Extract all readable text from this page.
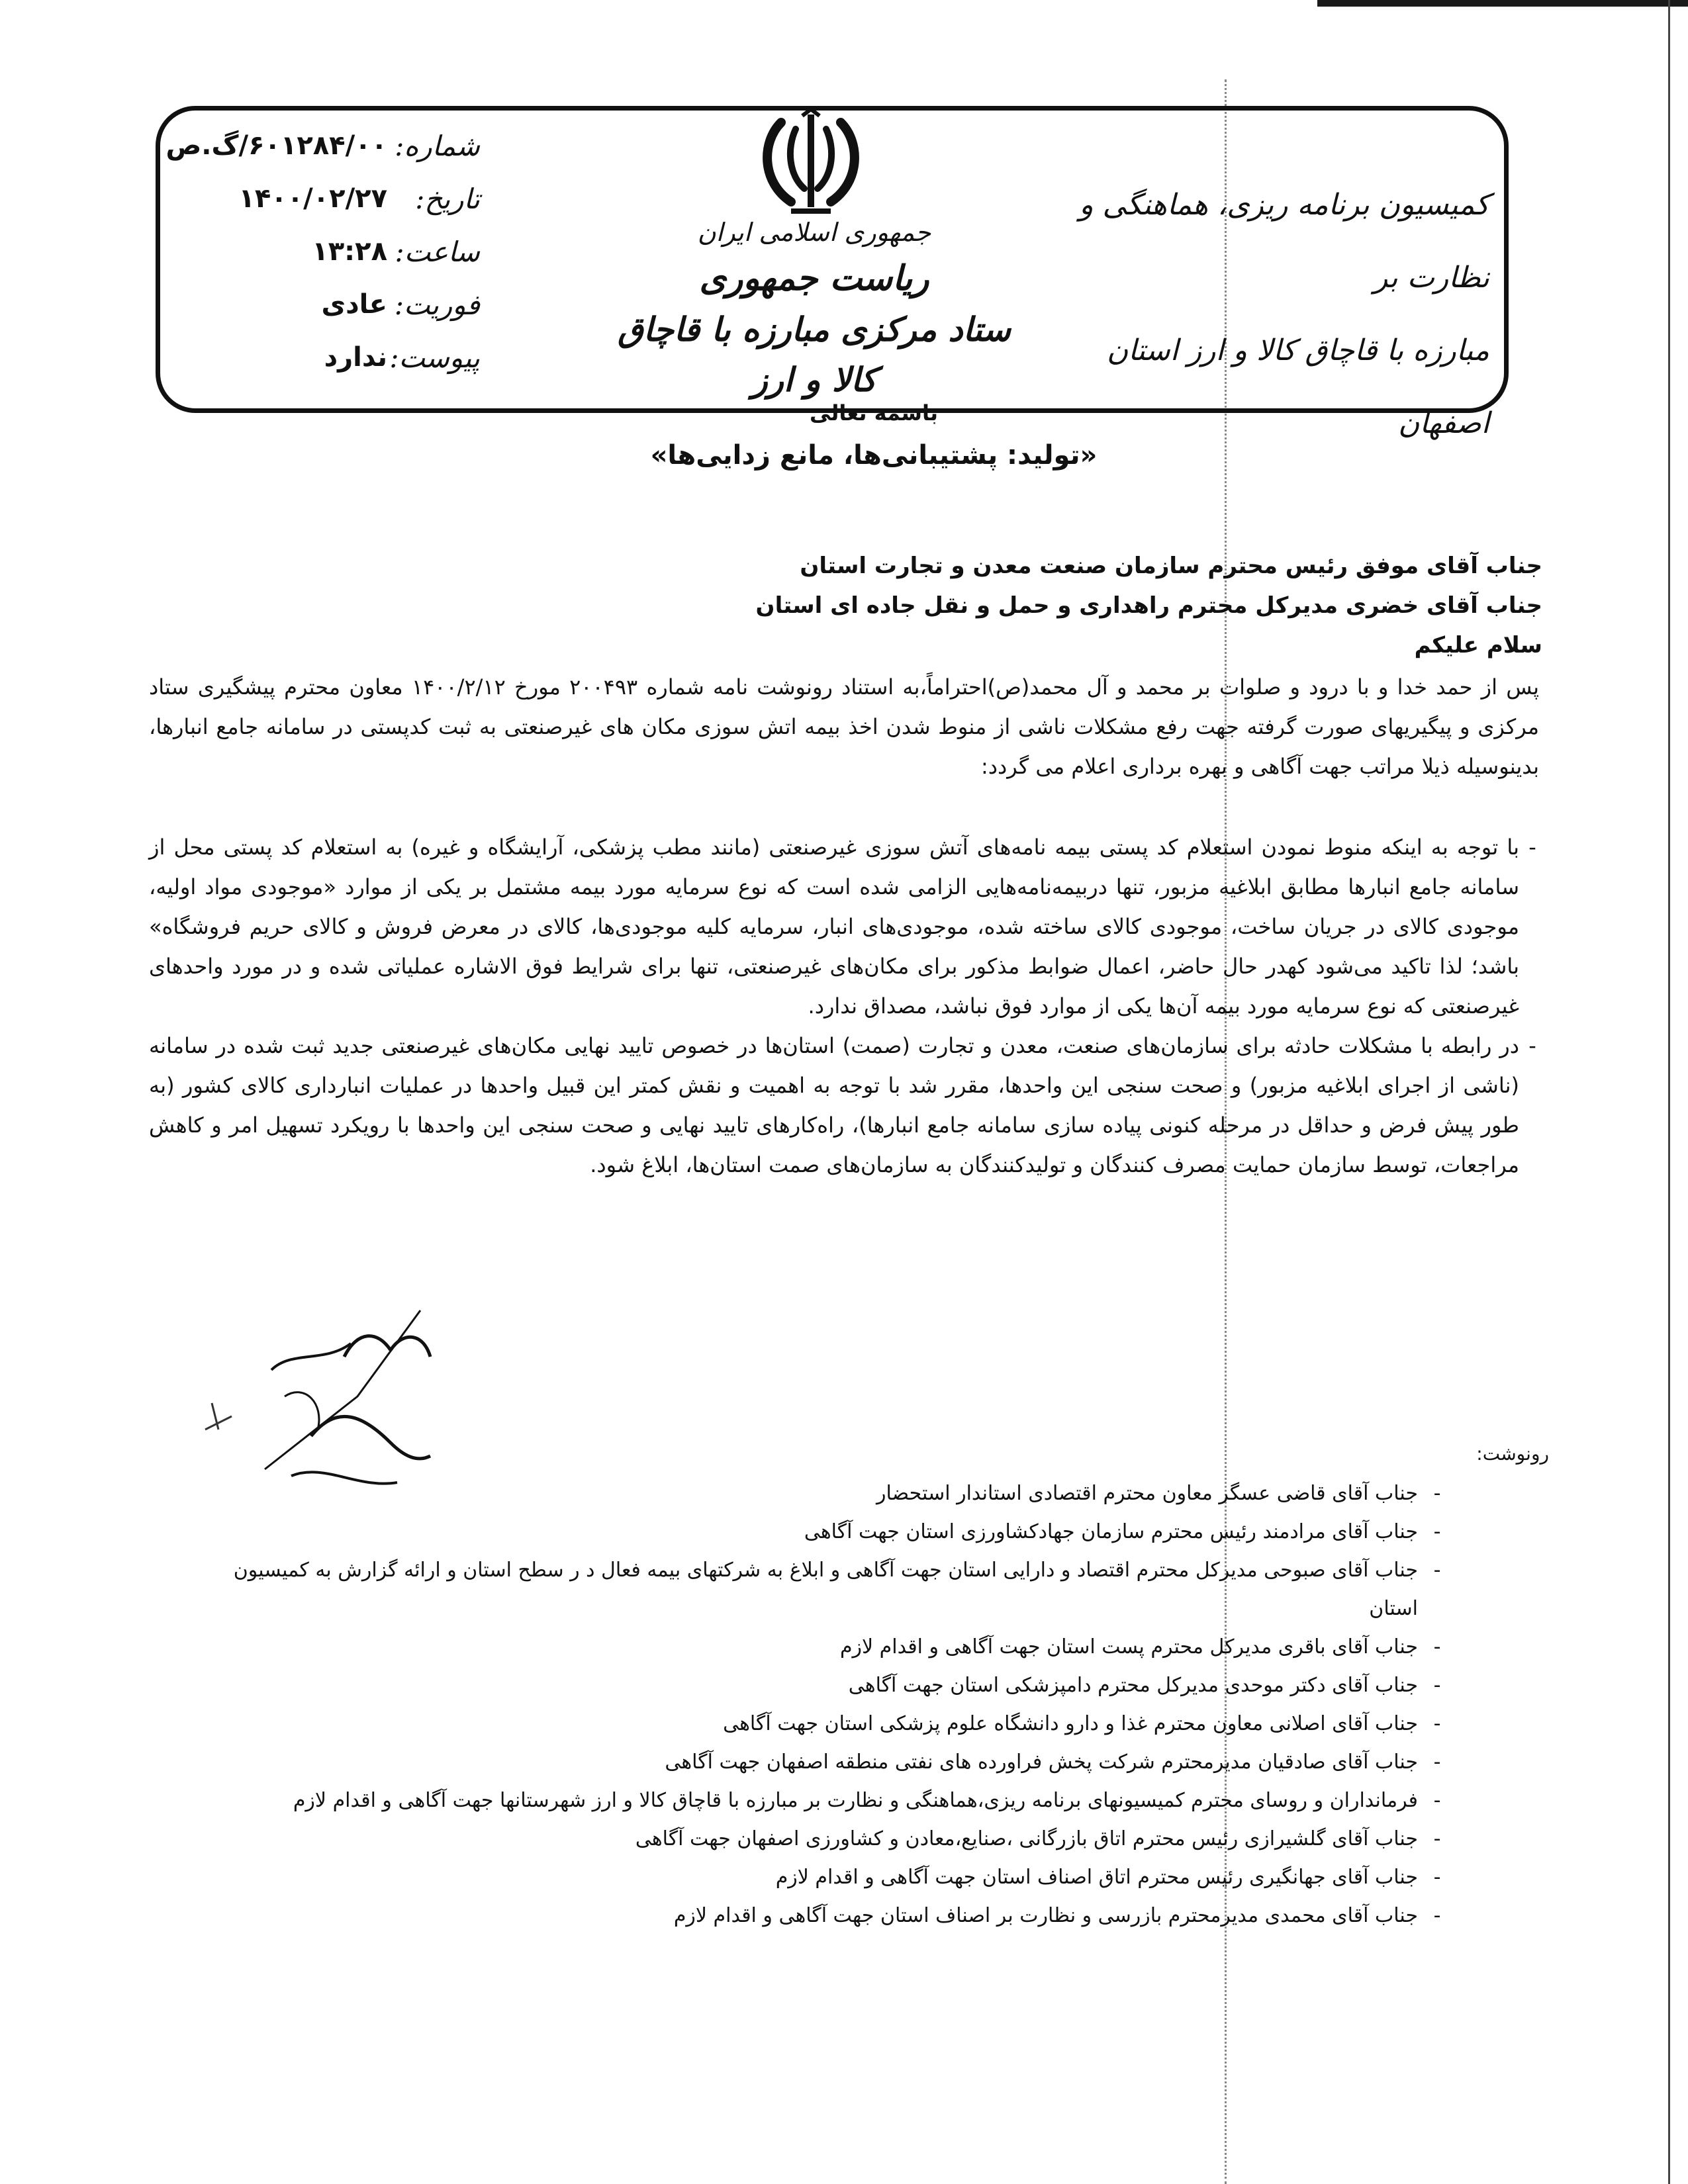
شماره:
۶۰۱۲۸۴/۰۰/گ.ص
تاریخ:
۱۴۰۰/۰۲/۲۷
ساعت:
۱۳:۲۸
فوریت:
عادی
پیوست:
ندارد
جمهوری اسلامی ایران
ریاست جمهوری
ستاد مرکزی مبارزه با قاچاق کالا و ارز
کمیسیون برنامه ریزی، هماهنگی و نظارت بر
مبارزه با قاچاق کالا و ارز استان اصفهان
باسمه تعالی
«تولید: پشتیبانی‌ها، مانع زدایی‌ها»
جناب آقای موفق رئیس محترم سازمان صنعت معدن و تجارت استان
جناب آقای خضری مدیرکل محترم راهداری و حمل و نقل جاده ای استان
سلام علیکم
پس از حمد خدا و با درود و صلوات بر محمد و آل محمد(ص)احتراماً،به استناد رونوشت نامه شماره ۲۰۰۴۹۳ مورخ ۱۴۰۰/۲/۱۲ معاون محترم پیشگیری ستاد مرکزی و پیگیریهای صورت گرفته جهت رفع مشکلات ناشی از منوط شدن اخذ بیمه اتش سوزی مکان های غیرصنعتی به ثبت کدپستی در سامانه جامع انبارها، بدینوسیله ذیلا مراتب جهت آگاهی و بهره برداری اعلام می گردد:
-
با توجه به اینکه منوط نمودن استعلام کد پستی بیمه نامه‌های آتش سوزی غیرصنعتی (مانند مطب پزشکی، آرایشگاه و غیره) به استعلام کد پستی محل از سامانه جامع انبارها مطابق ابلاغیه مزبور، تنها دربیمه‌نامه‌هایی الزامی شده است که نوع سرمایه مورد بیمه مشتمل بر یکی از موارد «موجودی مواد اولیه، موجودی کالای در جریان ساخت، موجودی کالای ساخته شده، موجودی‌های انبار، سرمایه کلیه موجودی‌ها، کالای در معرض فروش و کالای حریم فروشگاه» باشد؛ لذا تاکید می‌شود کهدر حال حاضر، اعمال ضوابط مذکور برای مکان‌های غیرصنعتی، تنها برای شرایط فوق الاشاره عملیاتی شده و در مورد واحدهای غیرصنعتی که نوع سرمایه مورد بیمه آن‌ها یکی از موارد فوق نباشد، مصداق ندارد.
-
در رابطه با مشکلات حادثه برای سازمان‌های صنعت، معدن و تجارت (صمت) استان‌ها در خصوص تایید نهایی مکان‌های غیرصنعتی جدید ثبت شده در سامانه (ناشی از اجرای ابلاغیه مزبور) و صحت سنجی این واحدها، مقرر شد با توجه به اهمیت و نقش کمتر این قبیل واحدها در عملیات انبارداری کالای کشور (به طور پیش فرض و حداقل در مرحله کنونی پیاده سازی سامانه جامع انبارها)، راه‌کارهای تایید نهایی و صحت سنجی این واحدها با رویکرد تسهیل امر و کاهش مراجعات، توسط سازمان حمایت مصرف کنندگان و تولیدکنندگان به سازمان‌های صمت استان‌ها، ابلاغ شود.
رونوشت:
-
جناب آقای قاضی عسگر معاون محترم اقتصادی استاندار استحضار
-
جناب آقای مرادمند رئیس محترم سازمان جهادکشاورزی استان جهت آگاهی
-
جناب آقای صبوحی مدیرکل محترم اقتصاد و دارایی استان جهت آگاهی و ابلاغ به شرکتهای بیمه فعال د ر سطح استان و ارائه گزارش به کمیسیون استان
-
جناب آقای باقری مدیرکل محترم پست استان جهت آگاهی و اقدام لازم
-
جناب آقای دکتر موحدی مدیرکل محترم دامپزشکی استان جهت آگاهی
-
جناب آقای اصلانی معاون محترم غذا و دارو دانشگاه علوم پزشکی استان جهت آگاهی
-
جناب آقای صادقیان مدیرمحترم شرکت پخش فراورده های نفتی منطقه اصفهان جهت آگاهی
-
فرمانداران و روسای محترم کمیسیونهای برنامه ریزی،هماهنگی و نظارت بر مبارزه با قاچاق کالا و ارز شهرستانها جهت آگاهی و اقدام لازم
-
جناب آقای گلشیرازی رئیس محترم اتاق بازرگانی ،صنایع،معادن و کشاورزی اصفهان جهت آگاهی
-
جناب آقای جهانگیری رئیس محترم اتاق اصناف استان جهت آگاهی و اقدام لازم
-
جناب آقای محمدی مدیرمحترم بازرسی و نظارت بر اصناف استان جهت آگاهی و اقدام لازم
